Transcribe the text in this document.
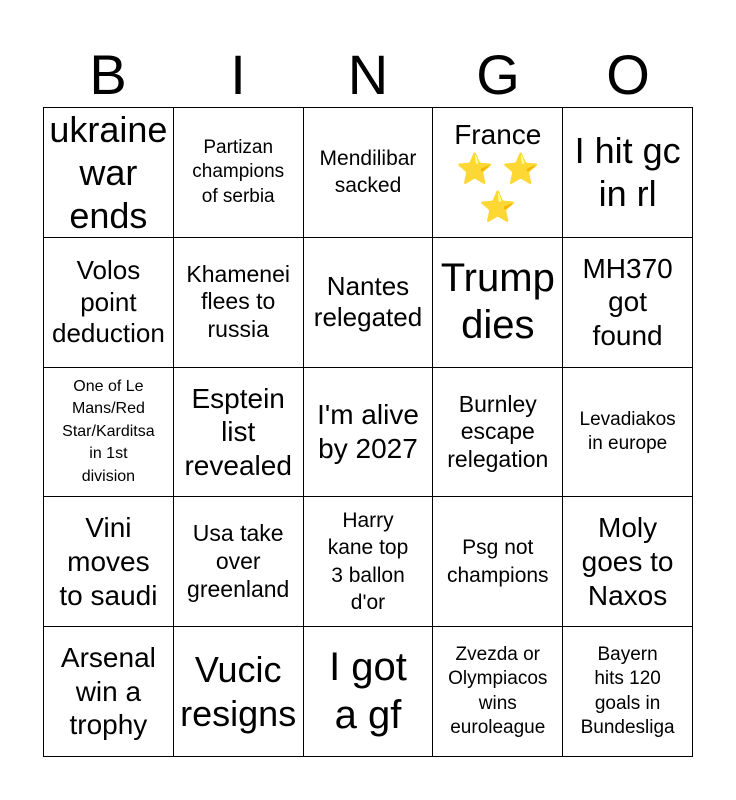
B	I	N	G	O
ukraine
war
ends
Partizan
champions
of serbia
Mendilibar
sacked
France
⭐ ⭐
⭐
I hit gc
in rl
Volos
point
deduction
Khamenei
flees to
russia
Nantes
relegated
Trump
dies
MH370
got
found
One of Le
Mans/Red
Star/Karditsa
in 1st
division
Esptein
list
revealed
I'm alive
by 2027
Burnley
escape
relegation
Levadiakos
in europe
Vini
moves
to saudi
Usa take
over
greenland
Harry
kane top
3 ballon
d'or
Psg not
champions
Moly
goes to
Naxos
Arsenal
win a
trophy
Vucic
resigns
I got
a gf
Zvezda or
Olympiacos
wins
euroleague
Bayern
hits 120
goals in
Bundesliga
